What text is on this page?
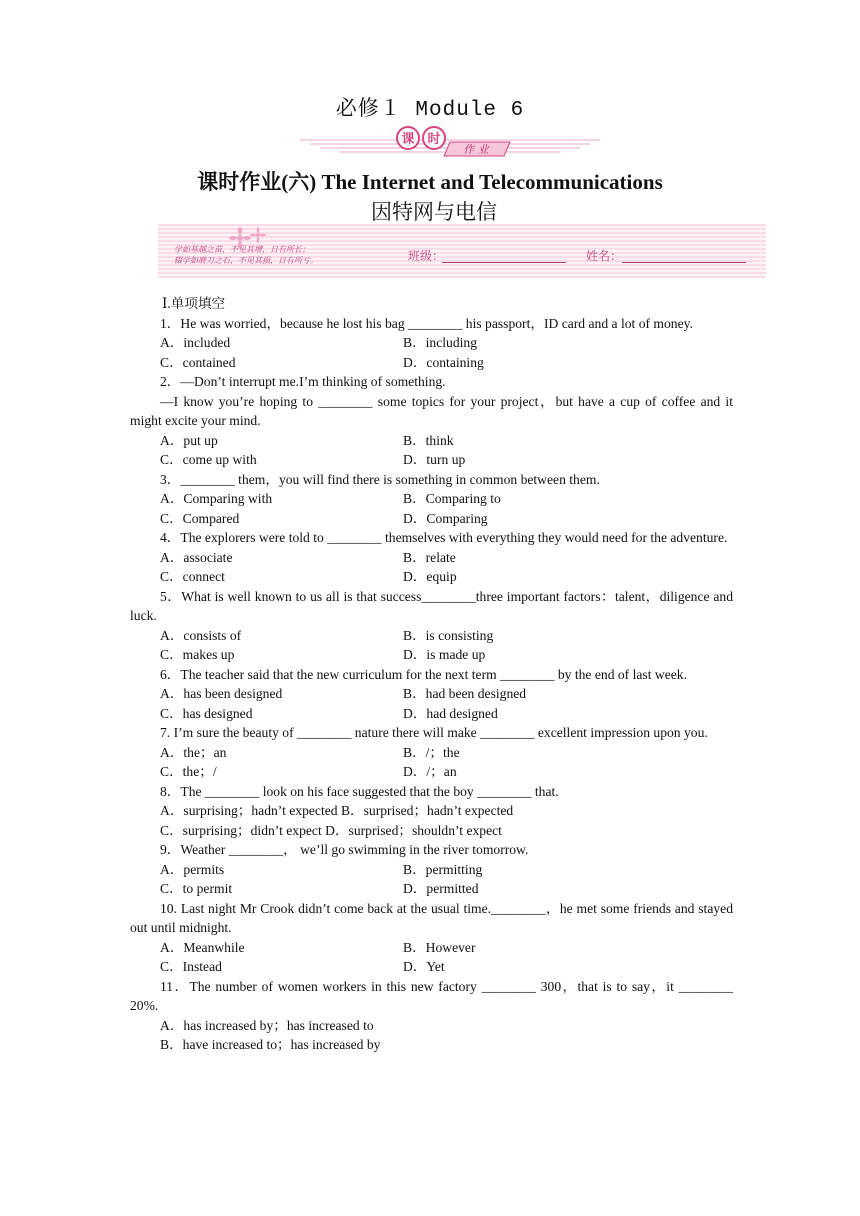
必修１ Module 6
课 时
作 业
课时作业(六) The Internet and Telecommunications
因特网与电信
学如基越之苗，不见其增，日有所长；
辍学如磨刀之石，不见其损，日有所亏。	班级：	姓名：
Ⅰ.单项填空
1．He was worried，because he lost his bag ________ his passport，ID card and a lot of money.
A．included	B．including
C．contained	D．containing
2．—Don’t interrupt me.I’m thinking of something.
—I know you’re hoping to ________ some topics for your project，but have a cup of coffee and it might excite your mind.
A．put up	B．think
C．come up with	D．turn up
3．________ them，you will find there is something in common between them.
A．Comparing with	B．Comparing to
C．Compared	D．Comparing
4．The explorers were told to ________ themselves with everything they would need for the adventure.
A．associate	B．relate
C．connect	D．equip
5．What is well known to us all is that success________three important factors：talent，diligence and luck.
A．consists of	B．is consisting
C．makes up	D．is made up
6．The teacher said that the new curriculum for the next term ________ by the end of last week.
A．has been designed	B．had been designed
C．has designed	D．had designed
7. I’m sure the beauty of ________ nature there will make ________ excellent impression upon you.
A．the；an	B．/；the
C．the；/	D．/；an
8．The ________ look on his face suggested that the boy ________ that.
A．surprising；hadn’t expected B．surprised；hadn’t expected
C．surprising；didn’t expect D．surprised；shouldn’t expect
9．Weather ________， we’ll go swimming in the river tomorrow.
A．permits	B．permitting
C．to permit	D．permitted
10. Last night Mr Crook didn’t come back at the usual time.________，he met some friends and stayed out until midnight.
A．Meanwhile	B．However
C．Instead	D．Yet
11．The number of women workers in this new factory ________ 300，that is to say，it ________ 20%.
A．has increased by；has increased to
B．have increased to；has increased by
